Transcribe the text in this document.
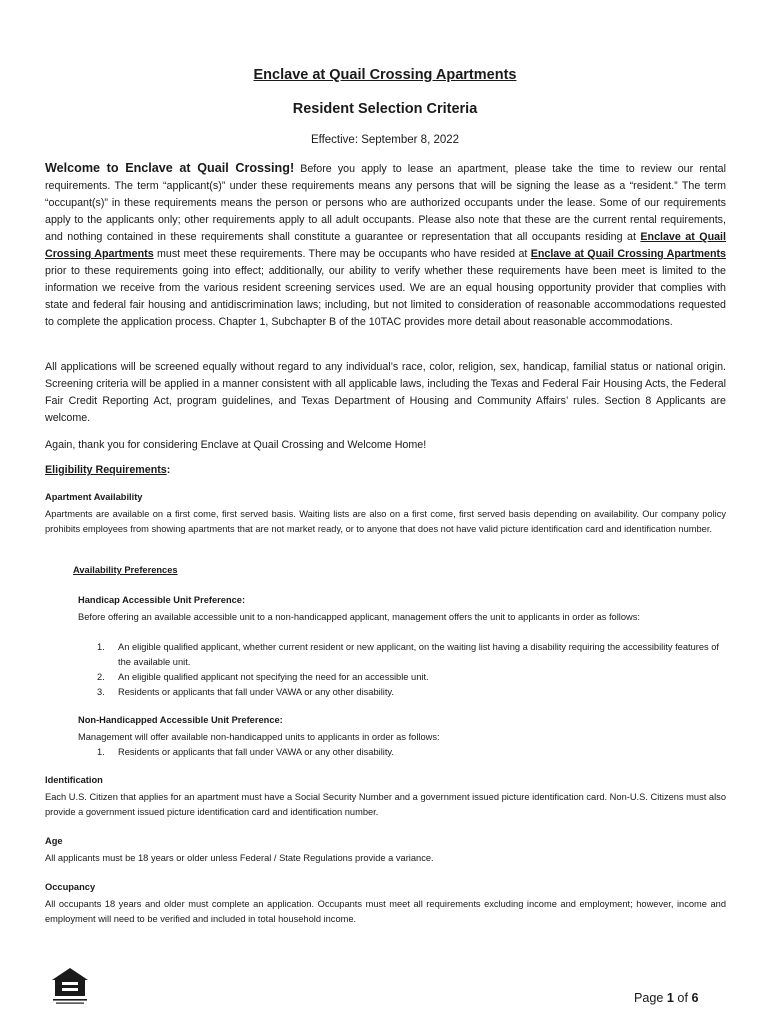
Enclave at Quail Crossing Apartments
Resident Selection Criteria
Effective: September 8, 2022

Welcome to Enclave at Quail Crossing! Before you apply to lease an apartment, please take the time to review our rental requirements. The term “applicant(s)” under these requirements means any persons that will be signing the lease as a “resident.” The term “occupant(s)” in these requirements means the person or persons who are authorized occupants under the lease. Some of our requirements apply to the applicants only; other requirements apply to all adult occupants. Please also note that these are the current rental requirements, and nothing contained in these requirements shall constitute a guarantee or representation that all occupants residing at Enclave at Quail Crossing Apartments must meet these requirements. There may be occupants who have resided at Enclave at Quail Crossing Apartments prior to these requirements going into effect; additionally, our ability to verify whether these requirements have been meet is limited to the information we receive from the various resident screening services used. We are an equal housing opportunity provider that complies with state and federal fair housing and antidiscrimination laws; including, but not limited to consideration of reasonable accommodations requested to complete the application process. Chapter 1, Subchapter B of the 10TAC provides more detail about reasonable accommodations.

All applications will be screened equally without regard to any individual’s race, color, religion, sex, handicap, familial status or national origin. Screening criteria will be applied in a manner consistent with all applicable laws, including the Texas and Federal Fair Housing Acts, the Federal Fair Credit Reporting Act, program guidelines, and Texas Department of Housing and Community Affairs’ rules. Section 8 Applicants are welcome.

Again, thank you for considering Enclave at Quail Crossing and Welcome Home!

Eligibility Requirements:
Apartment Availability

Apartments are available on a first come, first served basis. Waiting lists are also on a first come, first served basis depending on availability. Our company policy prohibits employees from showing apartments that are not market ready, or to anyone that does not have valid picture identification card and identification number.

Availability Preferences
Handicap Accessible Unit Preference:

Before offering an available accessible unit to a non-handicapped applicant, management offers the unit to applicants in order as follows:

1. An eligible qualified applicant, whether current resident or new applicant, on the waiting list having a disability requiring the accessibility features of the available unit.
2. An eligible qualified applicant not specifying the need for an accessible unit.
3. Residents or applicants that fall under VAWA or any other disability.
Non-Handicapped Accessible Unit Preference:

Management will offer available non-handicapped units to applicants in order as follows:

1. Residents or applicants that fall under VAWA or any other disability.
Identification

Each U.S. Citizen that applies for an apartment must have a Social Security Number and a government issued picture identification card. Non-U.S. Citizens must also provide a government issued picture identification card and identification number.

Age

All applicants must be 18 years or older unless Federal / State Regulations provide a variance.

Occupancy

All occupants 18 years and older must complete an application. Occupants must meet all requirements excluding income and employment; however, income and employment will need to be verified and included in total household income.

Page 1 of 6
